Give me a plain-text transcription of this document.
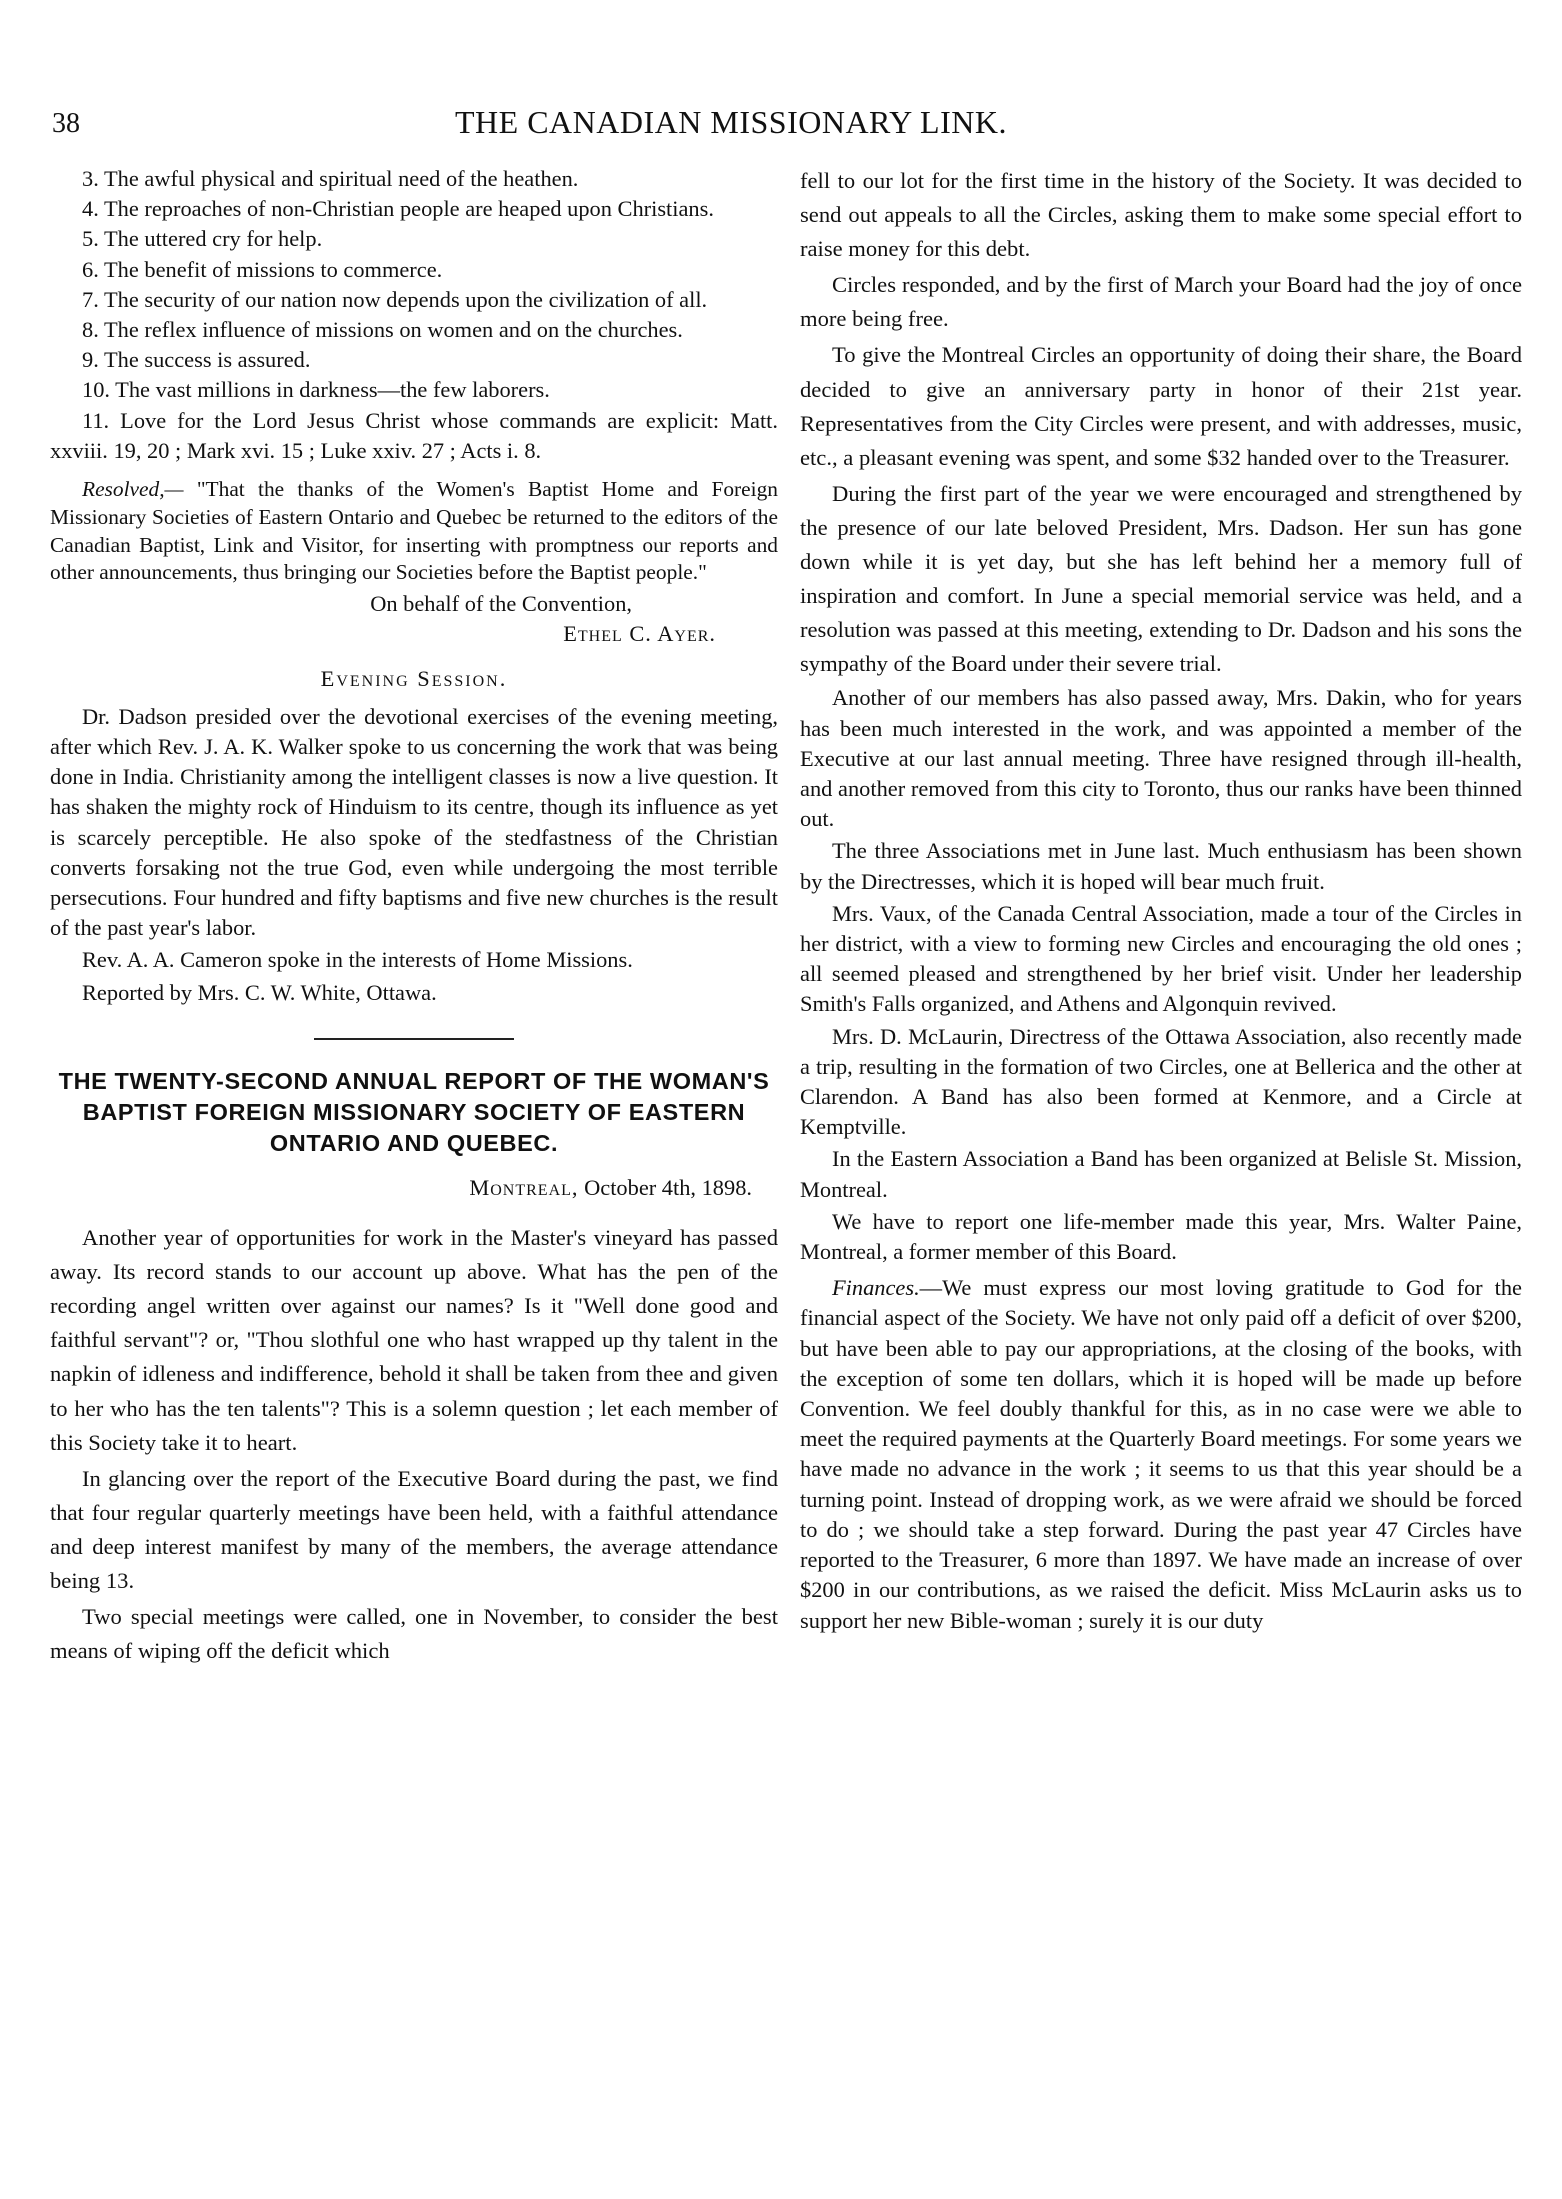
38	THE CANADIAN MISSIONARY LINK.

3. The awful physical and spiritual need of the heathen.

4. The reproaches of non-Christian people are heaped upon Christians.

5. The uttered cry for help.

6. The benefit of missions to commerce.

7. The security of our nation now depends upon the civilization of all.

8. The reflex influence of missions on women and on the churches.

9. The success is assured.

10. The vast millions in darkness—the few laborers.

11. Love for the Lord Jesus Christ whose commands are explicit: Matt. xxviii. 19, 20 ; Mark xvi. 15 ; Luke xxiv. 27 ; Acts i. 8.

Resolved,— "That the thanks of the Women's Baptist Home and Foreign Missionary Societies of Eastern Ontario and Quebec be returned to the editors of the Canadian Baptist, Link and Visitor, for inserting with promptness our reports and other announcements, thus bringing our Societies before the Baptist people."

On behalf of the Convention,

Ethel C. Ayer.

Evening Session.

Dr. Dadson presided over the devotional exercises of the evening meeting, after which Rev. J. A. K. Walker spoke to us concerning the work that was being done in India. Christianity among the intelligent classes is now a live question. It has shaken the mighty rock of Hinduism to its centre, though its influence as yet is scarcely perceptible. He also spoke of the stedfastness of the Christian converts forsaking not the true God, even while undergoing the most terrible persecutions. Four hundred and fifty baptisms and five new churches is the result of the past year's labor.

Rev. A. A. Cameron spoke in the interests of Home Missions.

Reported by Mrs. C. W. White, Ottawa.

THE TWENTY-SECOND ANNUAL REPORT OF THE WOMAN'S BAPTIST FOREIGN MISSIONARY SOCIETY OF EASTERN ONTARIO AND QUEBEC.

Montreal, October 4th, 1898.

Another year of opportunities for work in the Master's vineyard has passed away. Its record stands to our account up above. What has the pen of the recording angel written over against our names? Is it "Well done good and faithful servant"? or, "Thou slothful one who hast wrapped up thy talent in the napkin of idleness and indifference, behold it shall be taken from thee and given to her who has the ten talents"? This is a solemn question ; let each member of this Society take it to heart.

In glancing over the report of the Executive Board during the past, we find that four regular quarterly meetings have been held, with a faithful attendance and deep interest manifest by many of the members, the average attendance being 13.

Two special meetings were called, one in November, to consider the best means of wiping off the deficit which

fell to our lot for the first time in the history of the Society. It was decided to send out appeals to all the Circles, asking them to make some special effort to raise money for this debt.

Circles responded, and by the first of March your Board had the joy of once more being free.

To give the Montreal Circles an opportunity of doing their share, the Board decided to give an anniversary party in honor of their 21st year. Representatives from the City Circles were present, and with addresses, music, etc., a pleasant evening was spent, and some $32 handed over to the Treasurer.

During the first part of the year we were encouraged and strengthened by the presence of our late beloved President, Mrs. Dadson. Her sun has gone down while it is yet day, but she has left behind her a memory full of inspiration and comfort. In June a special memorial service was held, and a resolution was passed at this meeting, extending to Dr. Dadson and his sons the sympathy of the Board under their severe trial.

Another of our members has also passed away, Mrs. Dakin, who for years has been much interested in the work, and was appointed a member of the Executive at our last annual meeting. Three have resigned through ill-health, and another removed from this city to Toronto, thus our ranks have been thinned out.

The three Associations met in June last. Much enthusiasm has been shown by the Directresses, which it is hoped will bear much fruit.

Mrs. Vaux, of the Canada Central Association, made a tour of the Circles in her district, with a view to forming new Circles and encouraging the old ones ; all seemed pleased and strengthened by her brief visit. Under her leadership Smith's Falls organized, and Athens and Algonquin revived.

Mrs. D. McLaurin, Directress of the Ottawa Association, also recently made a trip, resulting in the formation of two Circles, one at Bellerica and the other at Clarendon. A Band has also been formed at Kenmore, and a Circle at Kemptville.

In the Eastern Association a Band has been organized at Belisle St. Mission, Montreal.

We have to report one life-member made this year, Mrs. Walter Paine, Montreal, a former member of this Board.

Finances.—We must express our most loving gratitude to God for the financial aspect of the Society. We have not only paid off a deficit of over $200, but have been able to pay our appropriations, at the closing of the books, with the exception of some ten dollars, which it is hoped will be made up before Convention. We feel doubly thankful for this, as in no case were we able to meet the required payments at the Quarterly Board meetings. For some years we have made no advance in the work ; it seems to us that this year should be a turning point. Instead of dropping work, as we were afraid we should be forced to do ; we should take a step forward. During the past year 47 Circles have reported to the Treasurer, 6 more than 1897. We have made an increase of over $200 in our contributions, as we raised the deficit. Miss McLaurin asks us to support her new Bible-woman ; surely it is our duty
